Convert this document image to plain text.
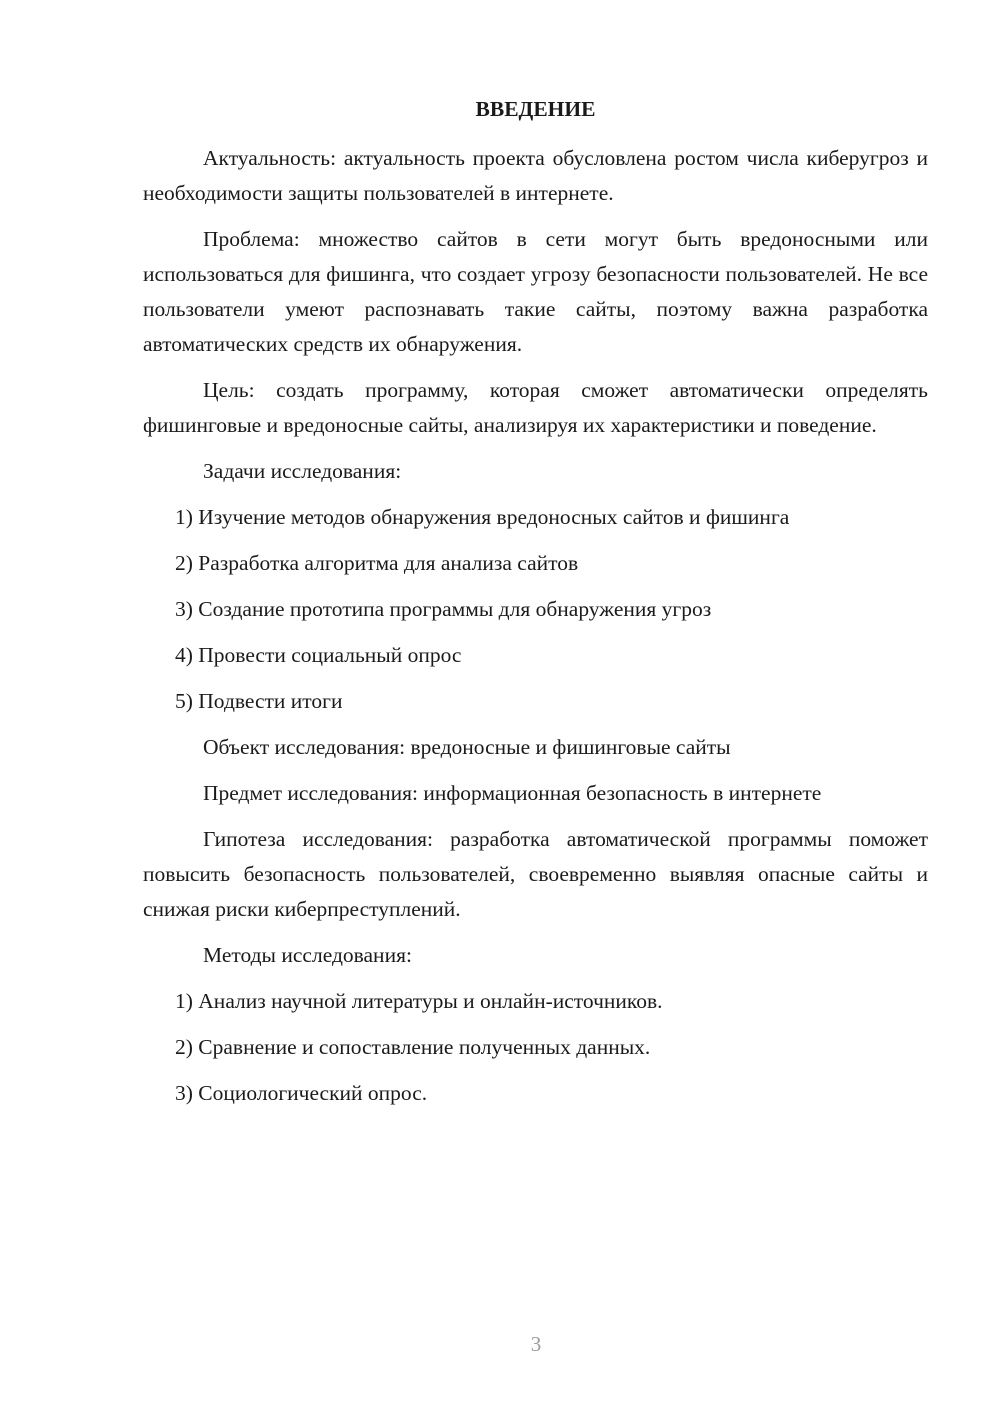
ВВЕДЕНИЕ

Актуальность: актуальность проекта обусловлена ростом числа киберугроз и необходимости защиты пользователей в интернете.

Проблема: множество сайтов в сети могут быть вредоносными или использоваться для фишинга, что создает угрозу безопасности пользователей. Не все пользователи умеют распознавать такие сайты, поэтому важна разработка автоматических средств их обнаружения.

Цель: создать программу, которая сможет автоматически определять фишинговые и вредоносные сайты, анализируя их характеристики и поведение.

Задачи исследования:
1) Изучение методов обнаружения вредоносных сайтов и фишинга
2) Разработка алгоритма для анализа сайтов
3) Создание прототипа программы для обнаружения угроз
4) Провести социальный опрос
5) Подвести итоги
Объект исследования: вредоносные и фишинговые сайты
Предмет исследования: информационная безопасность в интернете

Гипотеза исследования: разработка автоматической программы поможет повысить безопасность пользователей, своевременно выявляя опасные сайты и снижая риски киберпреступлений.

Методы исследования:
1) Анализ научной литературы и онлайн-источников.
2) Сравнение и сопоставление полученных данных.
3) Социологический опрос.
3
